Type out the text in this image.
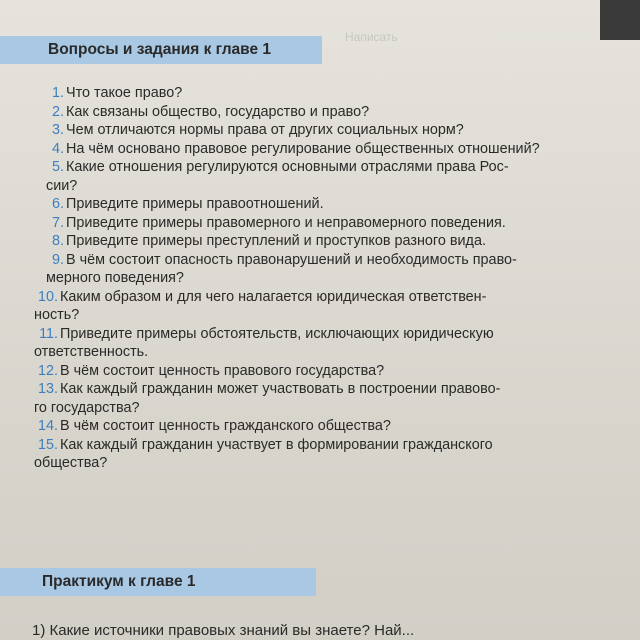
Написать
Вопросы и задания к главе 1
1. Что такое право?
2. Как связаны общество, государство и право?
3. Чем отличаются нормы права от других социальных норм?
4. На чём основано правовое регулирование общественных отношений?
5. Какие отношения регулируются основными отраслями права Рос-
сии?
6. Приведите примеры правоотношений.
7. Приведите примеры правомерного и неправомерного поведения.
8. Приведите примеры преступлений и проступков разного вида.
9. В чём состоит опасность правонарушений и необходимость право-
мерного поведения?
10. Каким образом и для чего налагается юридическая ответствен-
ность?
11. Приведите примеры обстоятельств, исключающих юридическую
ответственность.
12. В чём состоит ценность правового государства?
13. Как каждый гражданин может участвовать в построении правово-
го государства?
14. В чём состоит ценность гражданского общества?
15. Как каждый гражданин участвует в формировании гражданского
общества?
Практикум к главе 1
1) Какие источники правовых знаний вы знаете? Най...
